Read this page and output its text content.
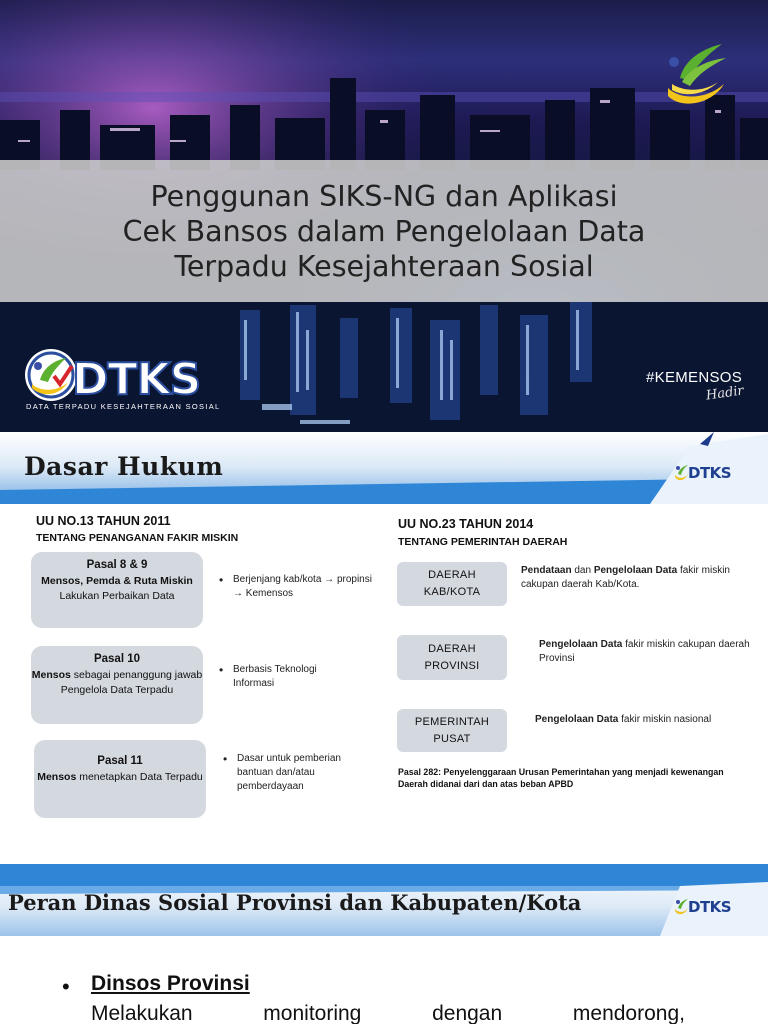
Penggunan SIKS-NG dan Aplikasi
Cek Bansos dalam Pengelolaan Data
Terpadu Kesejahteraan Sosial
DTKS
DATA TERPADU KESEJAHTERAAN SOSIAL
#KEMENSOS
Hadir
Dasar Hukum	DTKS
UU NO.13 TAHUN 2011
TENTANG PENANGANAN FAKIR MISKIN
Pasal 8 & 9
Mensos, Pemda & Ruta Miskin Lakukan Perbaikan Data
• Berjenjang kab/kota → propinsi → Kemensos
Pasal 10
Mensos sebagai penanggung jawab Pengelola Data Terpadu
• Berbasis Teknologi Informasi
Pasal 11
Mensos menetapkan Data Terpadu
• Dasar untuk pemberian bantuan dan/atau pemberdayaan
UU NO.23 TAHUN 2014
TENTANG PEMERINTAH DAERAH
DAERAH
KAB/KOTA
Pendataan dan Pengelolaan Data fakir miskin cakupan daerah Kab/Kota.
DAERAH
PROVINSI
Pengelolaan Data fakir miskin cakupan daerah Provinsi
PEMERINTAH
PUSAT
Pengelolaan Data fakir miskin nasional
Pasal 282: Penyelenggaraan Urusan Pemerintahan yang menjadi kewenangan Daerah didanai dari dan atas beban APBD
Peran Dinas Sosial Provinsi dan Kabupaten/Kota	DTKS
• Dinsos Provinsi
Melakukan	monitoring	dengan	mendorong,
